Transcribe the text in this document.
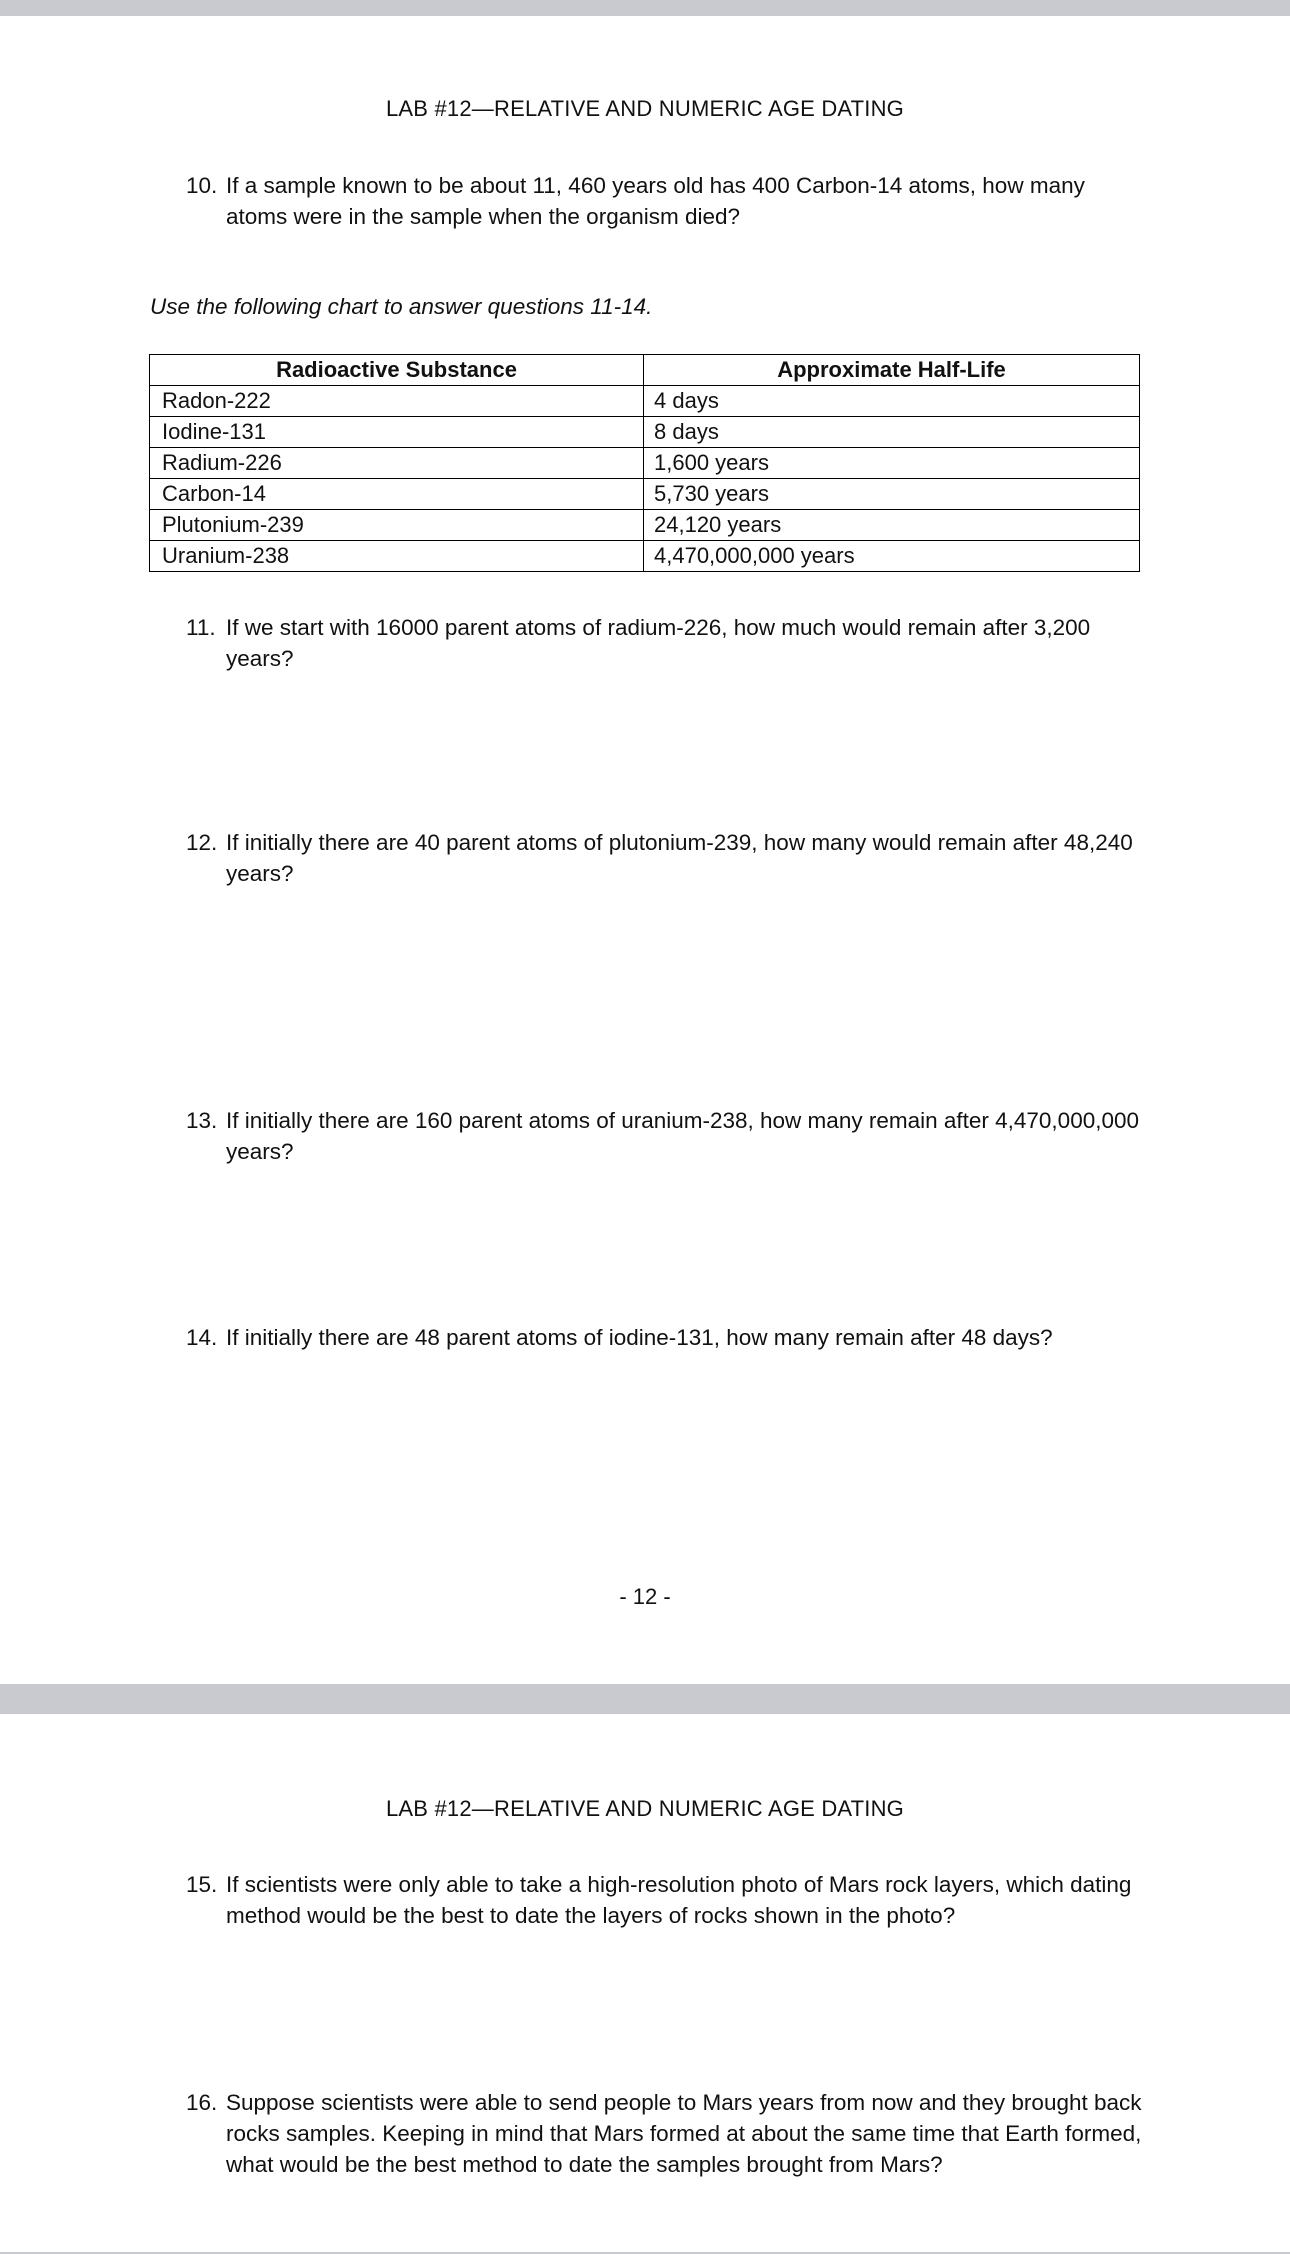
LAB #12—RELATIVE AND NUMERIC AGE DATING
10. If a sample known to be about 11, 460 years old has 400 Carbon-14 atoms, how many atoms were in the sample when the organism died?
Use the following chart to answer questions 11-14.
Radioactive Substance	Approximate Half-Life
Radon-222	4 days
Iodine-131	8 days
Radium-226	1,600 years
Carbon-14	5,730 years
Plutonium-239	24,120 years
Uranium-238	4,470,000,000 years
11. If we start with 16000 parent atoms of radium-226, how much would remain after 3,200 years?
12. If initially there are 40 parent atoms of plutonium-239, how many would remain after 48,240 years?
13. If initially there are 160 parent atoms of uranium-238, how many remain after 4,470,000,000 years?
14. If initially there are 48 parent atoms of iodine-131, how many remain after 48 days?
- 12 -
LAB #12—RELATIVE AND NUMERIC AGE DATING
15. If scientists were only able to take a high-resolution photo of Mars rock layers, which dating method would be the best to date the layers of rocks shown in the photo?
16. Suppose scientists were able to send people to Mars years from now and they brought back rocks samples. Keeping in mind that Mars formed at about the same time that Earth formed, what would be the best method to date the samples brought from Mars?
